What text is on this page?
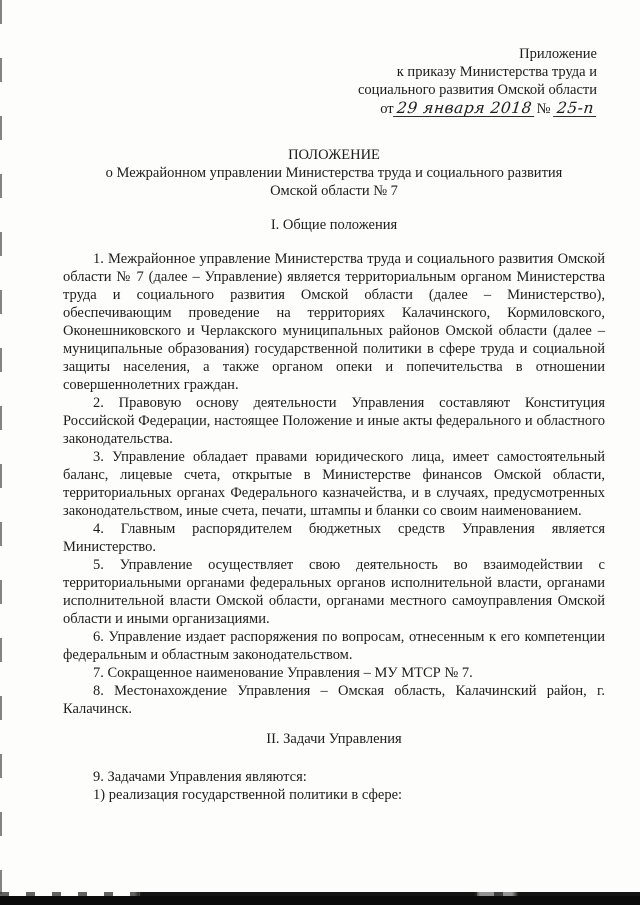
Приложение
к приказу Министерства труда и
социального развития Омской области
от 29 января 2018 № 25-п
ПОЛОЖЕНИЕ
о Межрайонном управлении Министерства труда и социального развития
Омской области № 7
I. Общие положения

1. Межрайонное управление Министерства труда и социального развития Омской области № 7 (далее – Управление) является территориальным органом Министерства труда и социального развития Омской области (далее – Министерство), обеспечивающим проведение на территориях Калачинского, Кормиловского, Оконешниковского и Черлакского муниципальных районов Омской области (далее – муниципальные образования) государственной политики в сфере труда и социальной защиты населения, а также органом опеки и попечительства в отношении совершеннолетних граждан.

2. Правовую основу деятельности Управления составляют Конституция Российской Федерации, настоящее Положение и иные акты федерального и областного законодательства.

3. Управление обладает правами юридического лица, имеет самостоятельный баланс, лицевые счета, открытые в Министерстве финансов Омской области, территориальных органах Федерального казначейства, и в случаях, предусмотренных законодательством, иные счета, печати, штампы и бланки со своим наименованием.

4. Главным распорядителем бюджетных средств Управления является Министерство.

5. Управление осуществляет свою деятельность во взаимодействии с территориальными органами федеральных органов исполнительной власти, органами исполнительной власти Омской области, органами местного самоуправления Омской области и иными организациями.

6. Управление издает распоряжения по вопросам, отнесенным к его компетенции федеральным и областным законодательством.

7. Сокращенное наименование Управления – МУ МТСР № 7.

8. Местонахождение Управления – Омская область, Калачинский район, г. Калачинск.

II. Задачи Управления

9. Задачами Управления являются:

1) реализация государственной политики в сфере:
